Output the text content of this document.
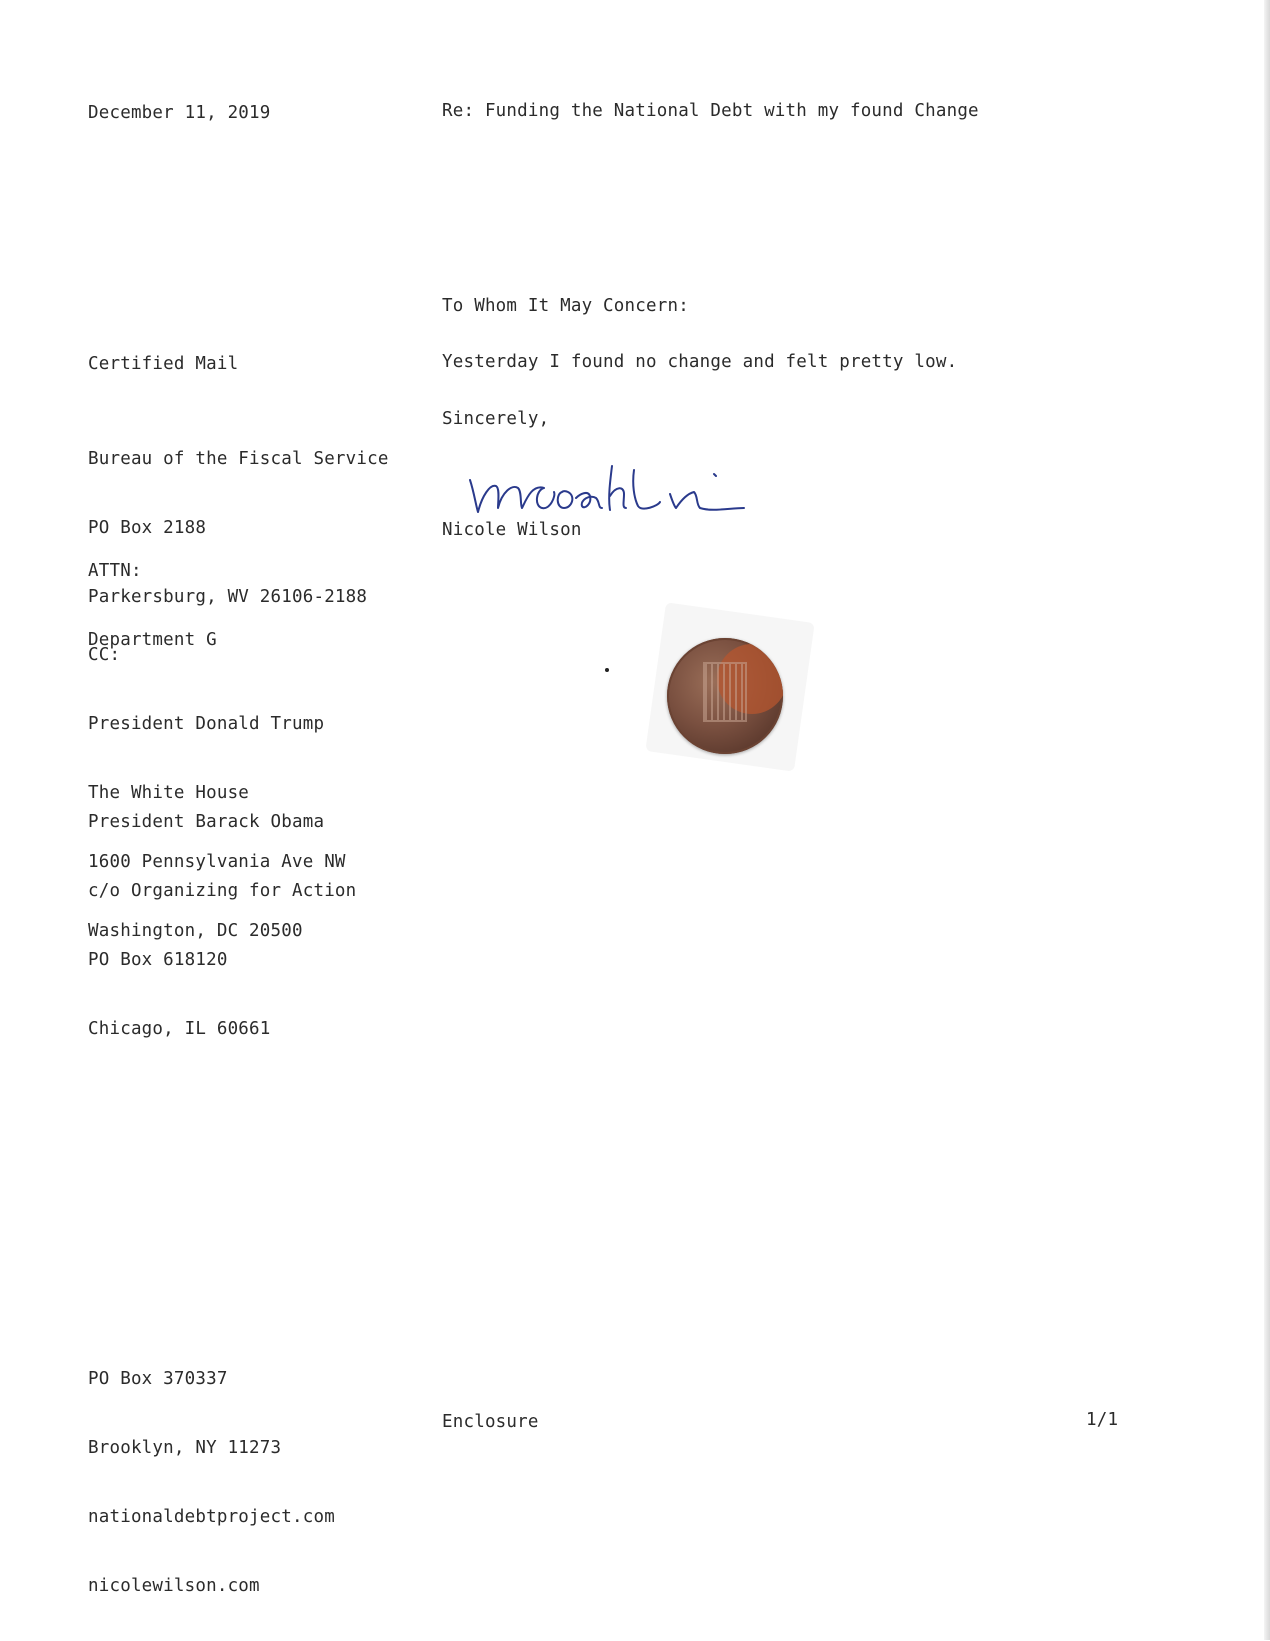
December 11, 2019	Re: Funding the National Debt with my found Change
Certified Mail

Bureau of the Fiscal Service

PO Box 2188

Parkersburg, WV 26106-2188

ATTN:

Department G

CC:

President Donald Trump

The White House

1600 Pennsylvania Ave NW

Washington, DC 20500

President Barack Obama

c/o Organizing for Action

PO Box 618120

Chicago, IL 60661

To Whom It May Concern:
Yesterday I found no change and felt pretty low.
Sincerely,
Nicole Wilson

PO Box 370337

Brooklyn, NY 11273

nationaldebtproject.com

nicolewilson.com

Enclosure	1/1
